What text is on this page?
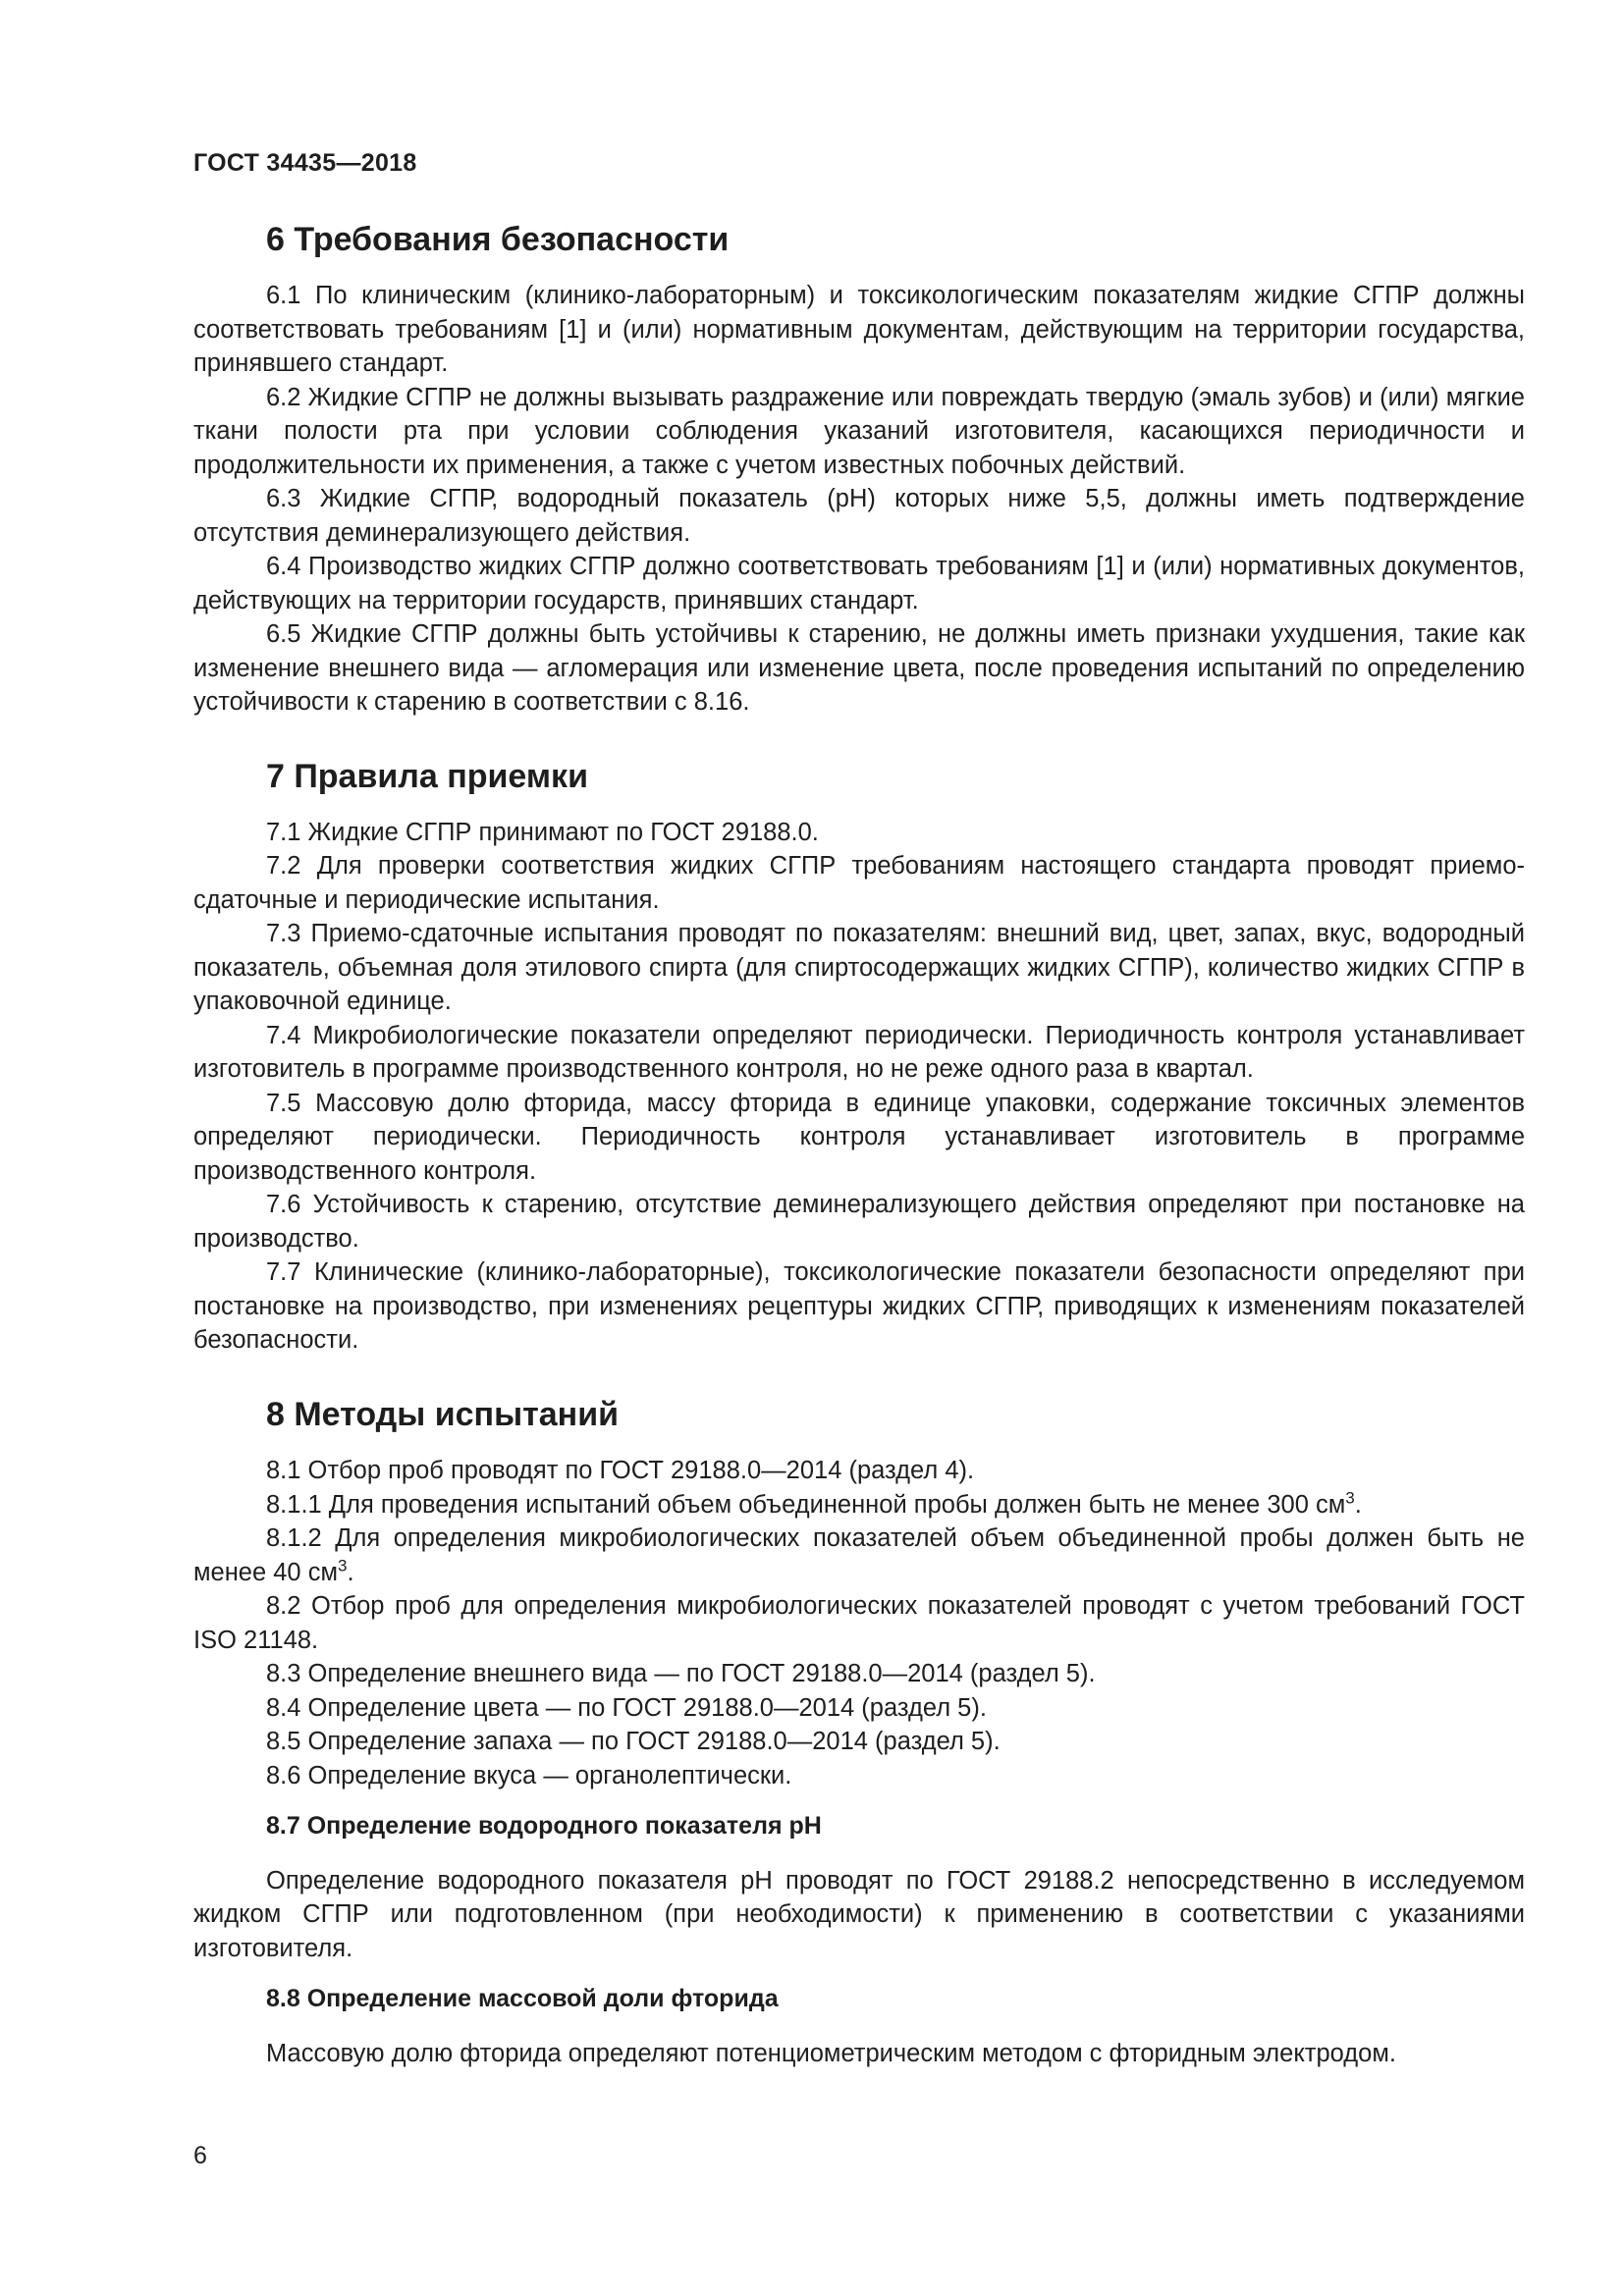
ГОСТ 34435—2018
6 Требования безопасности

6.1 По клиническим (клинико-лабораторным) и токсикологическим показателям жидкие СГПР должны соответствовать требованиям [1] и (или) нормативным документам, действующим на территории государства, принявшего стандарт.

6.2 Жидкие СГПР не должны вызывать раздражение или повреждать твердую (эмаль зубов) и (или) мягкие ткани полости рта при условии соблюдения указаний изготовителя, касающихся периодичности и продолжительности их применения, а также с учетом известных побочных действий.

6.3 Жидкие СГПР, водородный показатель (рН) которых ниже 5,5, должны иметь подтверждение отсутствия деминерализующего действия.

6.4 Производство жидких СГПР должно соответствовать требованиям [1] и (или) нормативных документов, действующих на территории государств, принявших стандарт.

6.5 Жидкие СГПР должны быть устойчивы к старению, не должны иметь признаки ухудшения, такие как изменение внешнего вида — агломерация или изменение цвета, после проведения испытаний по определению устойчивости к старению в соответствии с 8.16.

7 Правила приемки

7.1 Жидкие СГПР принимают по ГОСТ 29188.0.

7.2 Для проверки соответствия жидких СГПР требованиям настоящего стандарта проводят приемо-сдаточные и периодические испытания.

7.3 Приемо-сдаточные испытания проводят по показателям: внешний вид, цвет, запах, вкус, водородный показатель, объемная доля этилового спирта (для спиртосодержащих жидких СГПР), количество жидких СГПР в упаковочной единице.

7.4 Микробиологические показатели определяют периодически. Периодичность контроля устанавливает изготовитель в программе производственного контроля, но не реже одного раза в квартал.

7.5 Массовую долю фторида, массу фторида в единице упаковки, содержание токсичных элементов определяют периодически. Периодичность контроля устанавливает изготовитель в программе производственного контроля.

7.6 Устойчивость к старению, отсутствие деминерализующего действия определяют при постановке на производство.

7.7 Клинические (клинико-лабораторные), токсикологические показатели безопасности определяют при постановке на производство, при изменениях рецептуры жидких СГПР, приводящих к изменениям показателей безопасности.

8 Методы испытаний

8.1 Отбор проб проводят по ГОСТ 29188.0—2014 (раздел 4).

8.1.1 Для проведения испытаний объем объединенной пробы должен быть не менее 300 $см^3$.

8.1.2 Для определения микробиологических показателей объем объединенной пробы должен быть не менее 40 $см^3$.

8.2 Отбор проб для определения микробиологических показателей проводят с учетом требований ГОСТ ISO 21148.

8.3 Определение внешнего вида — по ГОСТ 29188.0—2014 (раздел 5).

8.4 Определение цвета — по ГОСТ 29188.0—2014 (раздел 5).

8.5 Определение запаха — по ГОСТ 29188.0—2014 (раздел 5).

8.6 Определение вкуса — органолептически.

8.7 Определение водородного показателя рН

Определение водородного показателя рН проводят по ГОСТ 29188.2 непосредственно в исследуемом жидком СГПР или подготовленном (при необходимости) к применению в соответствии с указаниями изготовителя.

8.8 Определение массовой доли фторида

Массовую долю фторида определяют потенциометрическим методом с фторидным электродом.

6
